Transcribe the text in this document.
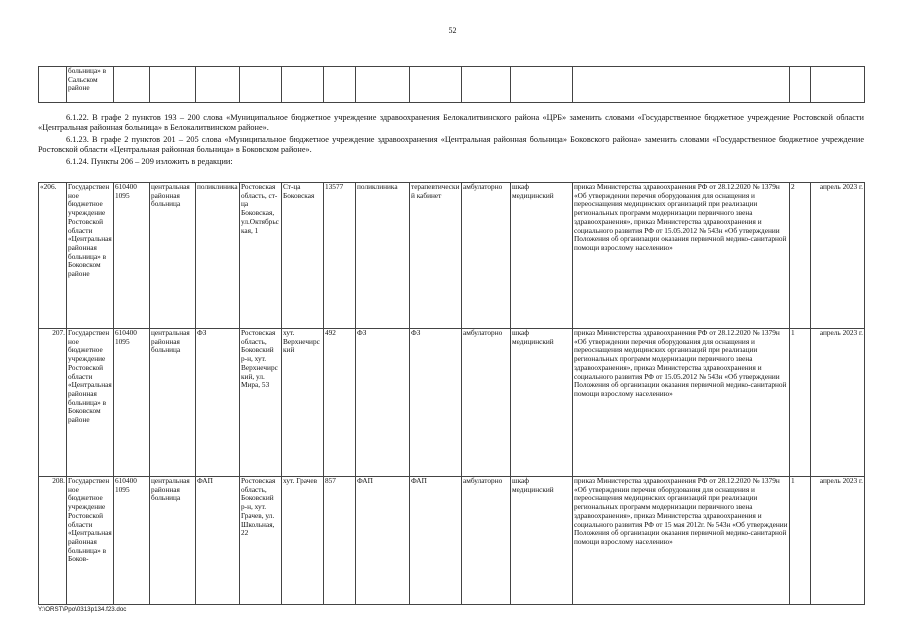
52
	больница» в Сальском районе													
6.1.22. В графе 2 пунктов 193 – 200 слова «Муниципальное бюджетное учреждение здравоохранения Белокалитвинского района «ЦРБ» заменить словами «Государственное бюджетное учреждение Ростовской области «Центральная районная больница» в Белокалитвинском районе».
6.1.23. В графе 2 пунктов 201 – 205 слова «Муниципальное бюджетное учреждение здравоохранения «Центральная районная больница» Боковского района» заменить словами «Государственное бюджетное учреждение Ростовской области «Центральная районная больница» в Боковском районе».
6.1.24. Пункты 206 – 209 изложить в редакции:
«206.	Государственное бюджетное учреждение Ростовской области «Центральная районная больница» в Боковском районе	610400 1095	центральная районная больница	поликлиника	Ростовская область, ст-ца Боковская, ул.Октябрьская, 1	Ст-ца Боковская	13577	поликлиника	терапевтический кабинет	амбулаторно	шкаф медицинский	приказ Министерства здравоохранения РФ от 28.12.2020 № 1379н «Об утверждении перечня оборудования для оснащения и переоснащения медицинских организаций при реализации региональных программ модернизации первичного звена здравоохранения», приказ Министерства здравоохранения и социального развития РФ от 15.05.2012 № 543н «Об утверждении Положения об организации оказания первичной медико-санитарной помощи взрослому населению»	2	апрель 2023 г.
207.	Государственное бюджетное учреждение Ростовской области «Центральная районная больница» в Боковском районе	610400 1095	центральная районная больница	ФЗ	Ростовская область, Боковский р-н, хут. Верхнечирский, ул. Мира, 53	хут. Верхнечирский	492	ФЗ	ФЗ	амбулаторно	шкаф медицинский	приказ Министерства здравоохранения РФ от 28.12.2020 № 1379н «Об утверждении перечня оборудования для оснащения и переоснащения медицинских организаций при реализации региональных программ модернизации первичного звена здравоохранения», приказ Министерства здравоохранения и социального развития РФ от 15.05.2012 № 543н «Об утверждении Положения об организации оказания первичной медико-санитарной помощи взрослому населению»	1	апрель 2023 г.
208.	Государственное бюджетное учреждение Ростовской области «Центральная районная больница» в Боков-	610400 1095	центральная районная больница	ФАП	Ростовская область, Боковский р-н, хут. Грачев, ул. Школьная, 22	хут. Грачев	857	ФАП	ФАП	амбулаторно	шкаф медицинский	приказ Министерства здравоохранения РФ от 28.12.2020 № 1379н «Об утверждении перечня оборудования для оснащения и переоснащения медицинских организаций при реализации региональных программ модернизации первичного звена здравоохранения», приказ Министерства здравоохранения и социального развития РФ от 15 мая 2012г. № 543н «Об утверждении Положения об организации оказания первичной медико-санитарной помощи взрослому населению»	1	апрель 2023 г.
Y:\ORST\Ppo\0313p134.f23.doc
